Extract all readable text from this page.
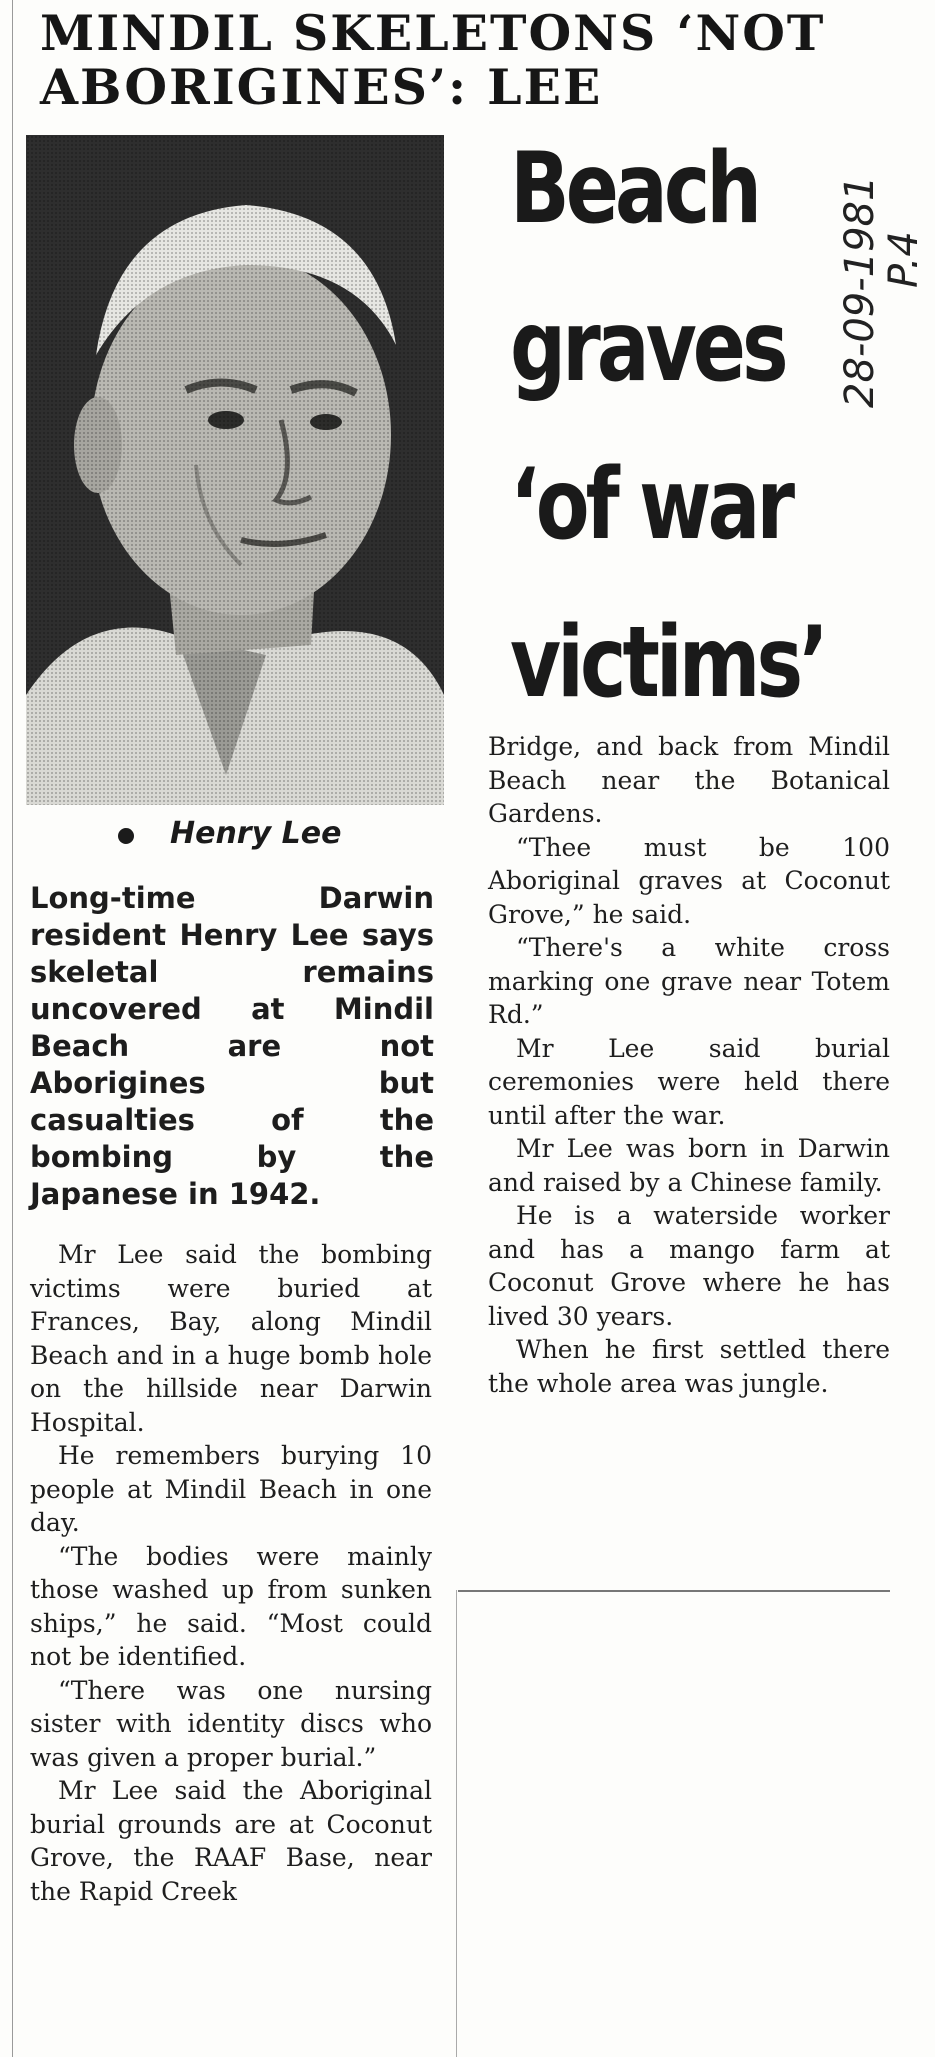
MINDIL SKELETONS ‘NOT
ABORIGINES’: LEE
Beach
graves
‘of war
victims’
28-09-1981
P.4
Henry Lee
Long-time Darwin resident Henry Lee says skeletal remains uncovered at Mindil Beach are not Aborigines but casualties of the bombing by the Japanese in 1942.

Mr Lee said the bombing victims were buried at Frances, Bay, along Mindil Beach and in a huge bomb hole on the hillside near Darwin Hospital.

He remembers burying 10 people at Mindil Beach in one day.

“The bodies were mainly those washed up from sunken ships,” he said. “Most could not be identified.

“There was one nursing sister with identity discs who was given a proper burial.”

Mr Lee said the Aboriginal burial grounds are at Coconut Grove, the RAAF Base, near the Rapid Creek

Bridge, and back from Mindil Beach near the Botanical Gardens.

“Thee must be 100 Aboriginal graves at Coconut Grove,” he said.

“There's a white cross marking one grave near Totem Rd.”

Mr Lee said burial ceremonies were held there until after the war.

Mr Lee was born in Darwin and raised by a Chinese family.

He is a waterside worker and has a mango farm at Coconut Grove where he has lived 30 years.

When he first settled there the whole area was jungle.
